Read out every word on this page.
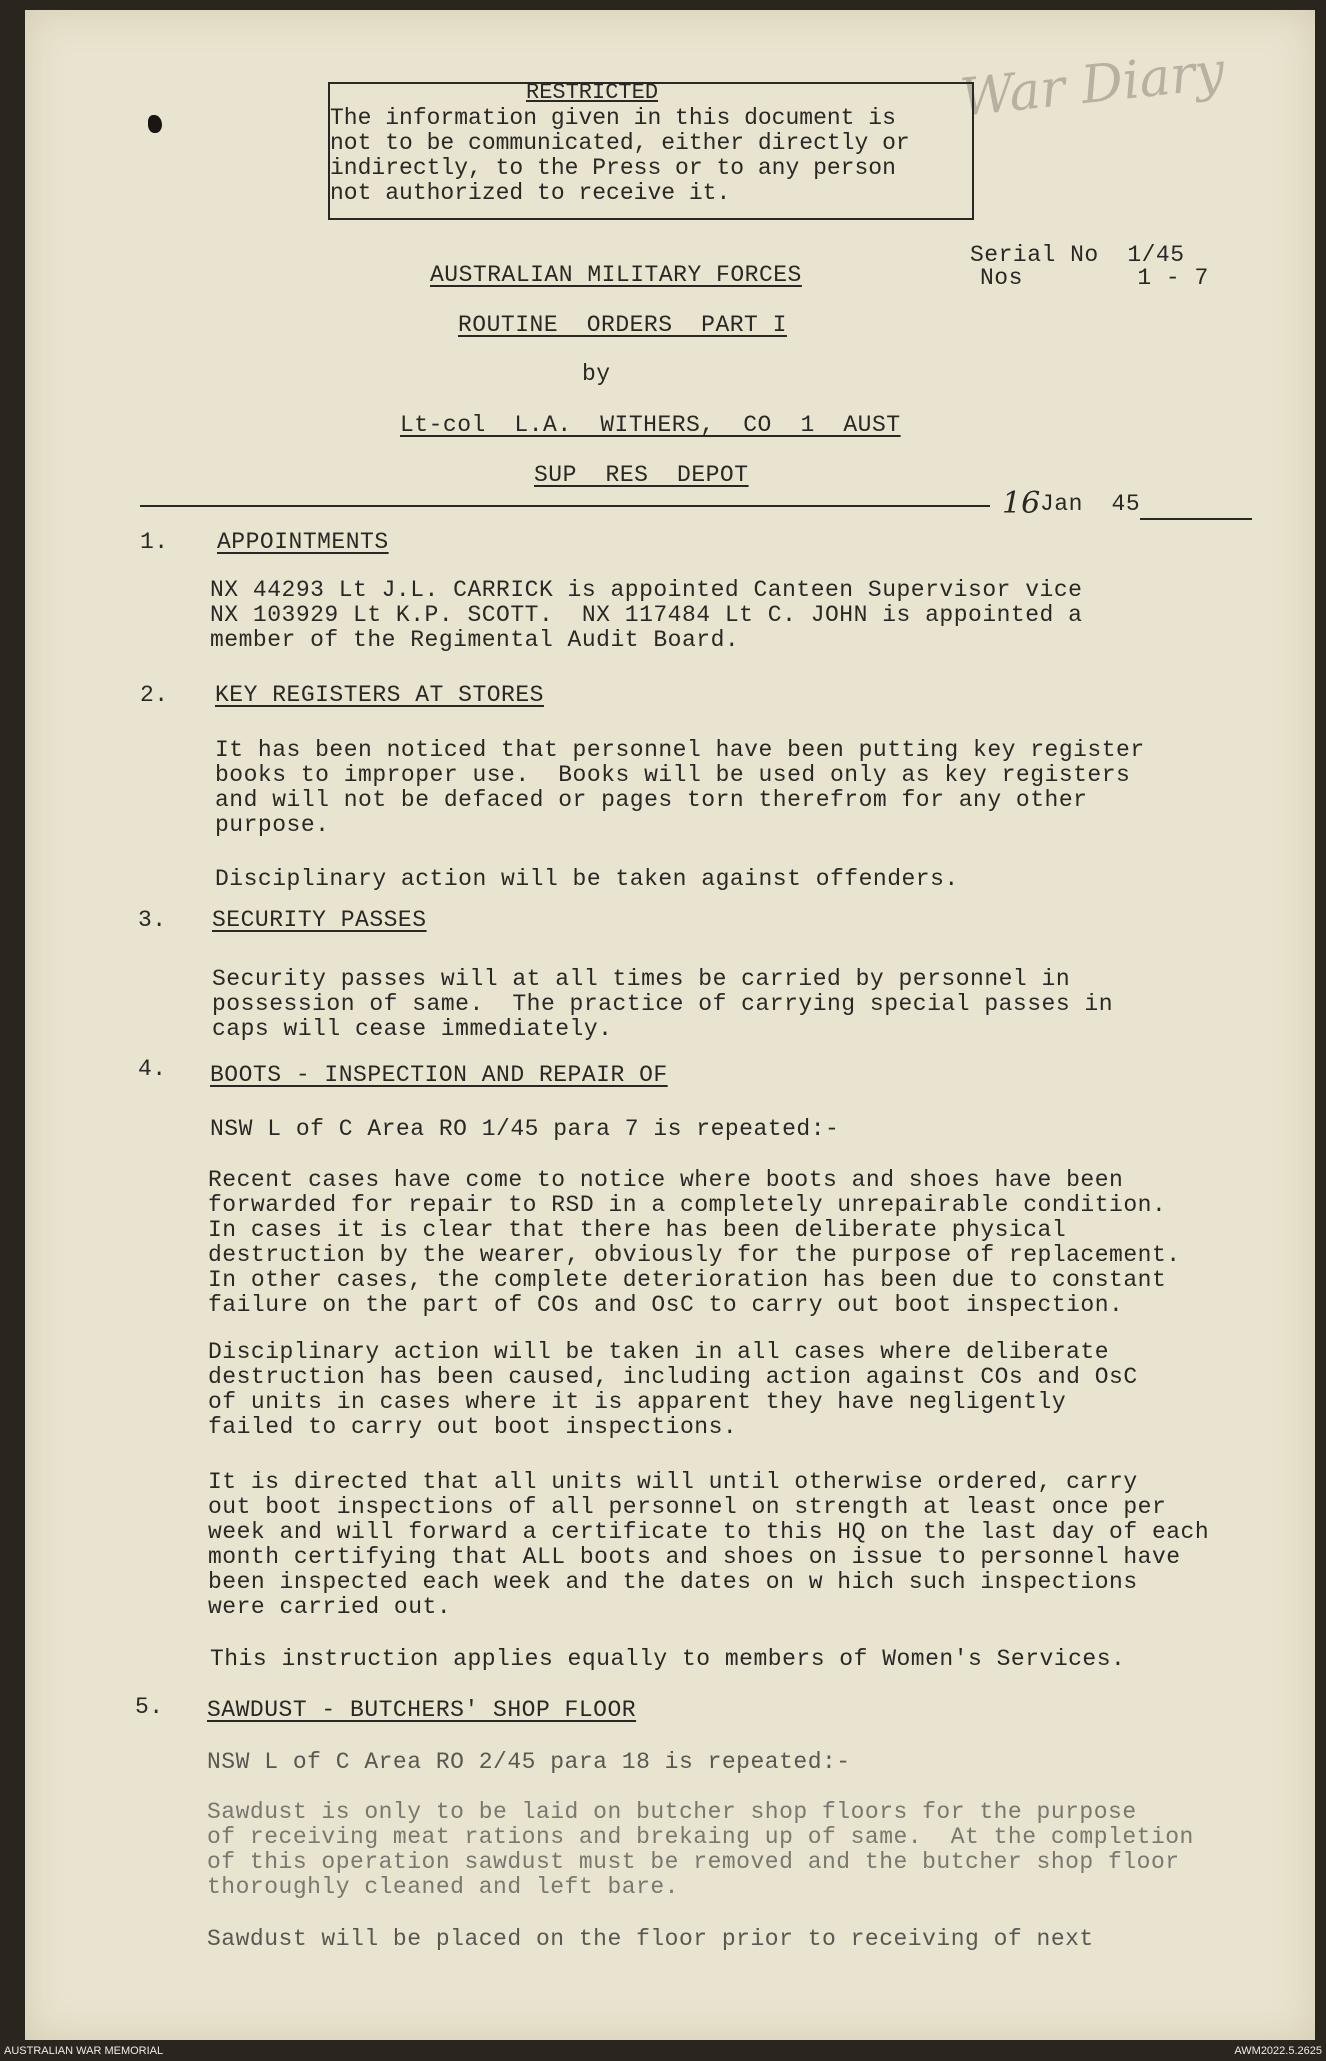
War Diary
RESTRICTED
The information given in this document is
not to be communicated, either directly or
indirectly, to the Press or to any person
not authorized to receive it.
Serial No  1/45
Nos        1 - 7
AUSTRALIAN MILITARY FORCES
ROUTINE  ORDERS  PART I
by
Lt-col  L.A.  WITHERS,  CO  1  AUST
SUP  RES  DEPOT
16 Jan  45
1. APPOINTMENTS
NX 44293 Lt J.L. CARRICK is appointed Canteen Supervisor vice
NX 103929 Lt K.P. SCOTT.  NX 117484 Lt C. JOHN is appointed a
member of the Regimental Audit Board.
2. KEY REGISTERS AT STORES
It has been noticed that personnel have been putting key register
books to improper use.  Books will be used only as key registers
and will not be defaced or pages torn therefrom for any other
purpose.
Disciplinary action will be taken against offenders.
3. SECURITY PASSES
Security passes will at all times be carried by personnel in
possession of same.  The practice of carrying special passes in
caps will cease immediately.
4. BOOTS - INSPECTION AND REPAIR OF
NSW L of C Area RO 1/45 para 7 is repeated:-
Recent cases have come to notice where boots and shoes have been
forwarded for repair to RSD in a completely unrepairable condition.
In cases it is clear that there has been deliberate physical
destruction by the wearer, obviously for the purpose of replacement.
In other cases, the complete deterioration has been due to constant
failure on the part of COs and OsC to carry out boot inspection.
Disciplinary action will be taken in all cases where deliberate
destruction has been caused, including action against COs and OsC
of units in cases where it is apparent they have negligently
failed to carry out boot inspections.
It is directed that all units will until otherwise ordered, carry
out boot inspections of all personnel on strength at least once per
week and will forward a certificate to this HQ on the last day of each
month certifying that ALL boots and shoes on issue to personnel have
been inspected each week and the dates on w hich such inspections
were carried out.
This instruction applies equally to members of Women's Services.
5. SAWDUST - BUTCHERS' SHOP FLOOR
NSW L of C Area RO 2/45 para 18 is repeated:-
Sawdust is only to be laid on butcher shop floors for the purpose
of receiving meat rations and brekaing up of same.  At the completion
of this operation sawdust must be removed and the butcher shop floor
thoroughly cleaned and left bare.
Sawdust will be placed on the floor prior to receiving of next
AUSTRALIAN WAR MEMORIAL	AWM2022.5.2625
